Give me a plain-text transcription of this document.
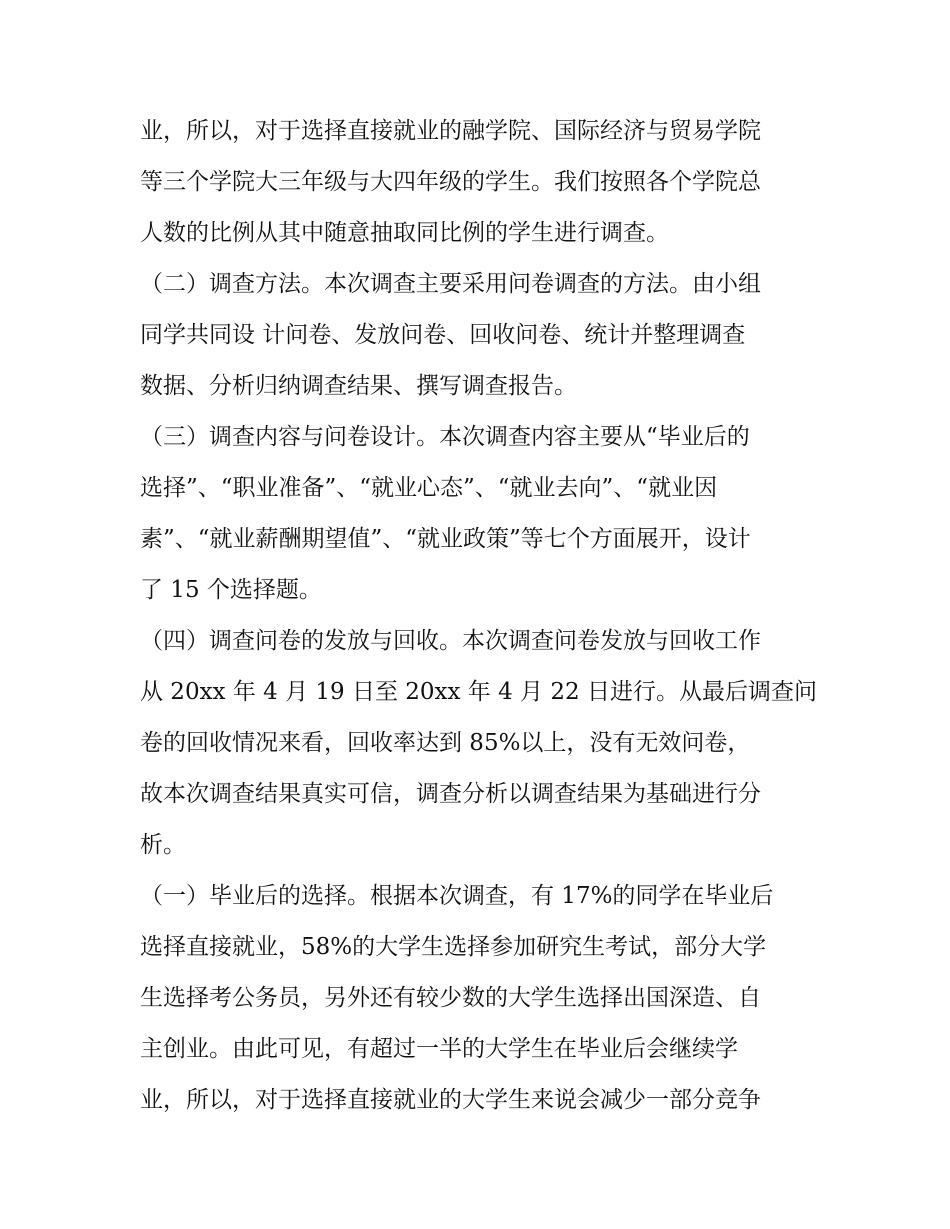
业，所以，对于选择直接就业的融学院、国际经济与贸易学院
等三个学院大三年级与大四年级的学生。我们按照各个学院总
人数的比例从其中随意抽取同比例的学生进行调查。
（二）调查方法。本次调查主要采用问卷调查的方法。由小组
同学共同设 计问卷、发放问卷、回收问卷、统计并整理调查
数据、分析归纳调查结果、撰写调查报告。
（三）调查内容与问卷设计。本次调查内容主要从“毕业后的
选择”、“职业准备”、“就业心态”、“就业去向”、“就业因
素”、“就业薪酬期望值”、“就业政策”等七个方面展开，设计
了 15 个选择题。
（四）调查问卷的发放与回收。本次调查问卷发放与回收工作
从 20xx 年 4 月 19 日至 20xx 年 4 月 22 日进行。从最后调查问
卷的回收情况来看，回收率达到 85%以上，没有无效问卷，
故本次调查结果真实可信，调查分析以调查结果为基础进行分
析。
（一）毕业后的选择。根据本次调查，有 17%的同学在毕业后
选择直接就业，58%的大学生选择参加研究生考试，部分大学
生选择考公务员，另外还有较少数的大学生选择出国深造、自
主创业。由此可见，有超过一半的大学生在毕业后会继续学
业，所以，对于选择直接就业的大学生来说会减少一部分竞争
